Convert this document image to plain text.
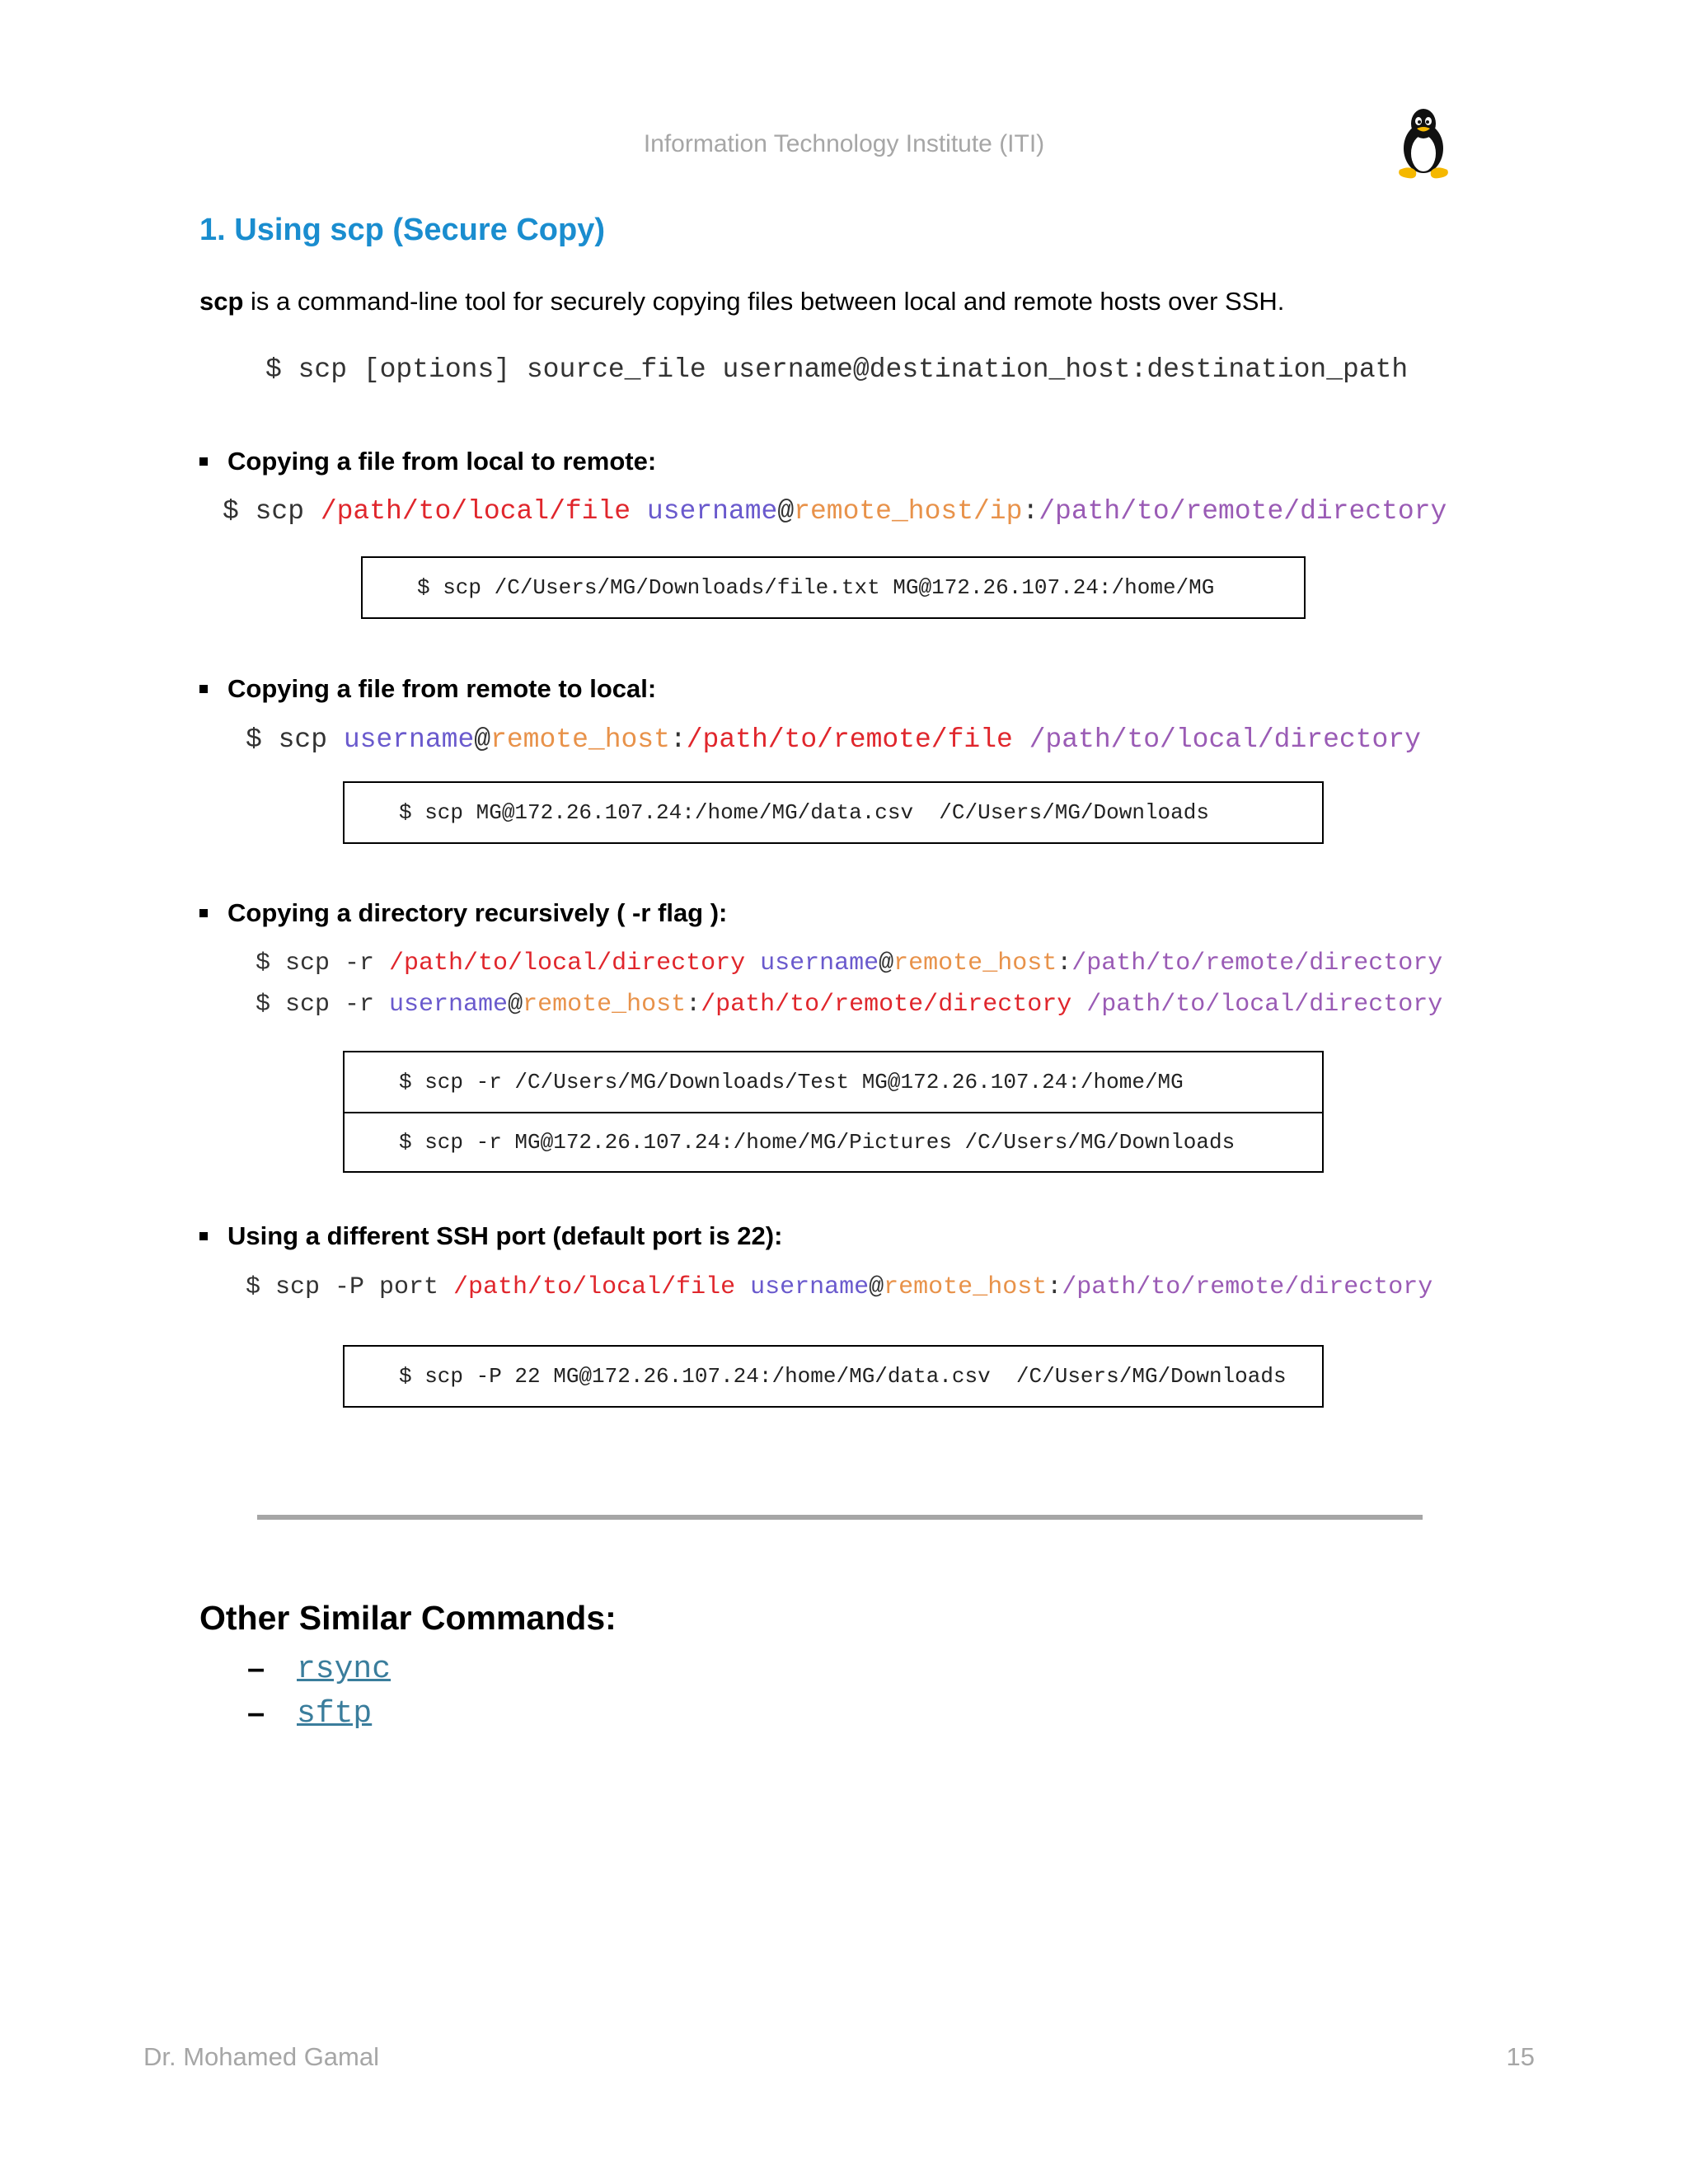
Information Technology Institute (ITI)
1. Using scp (Secure Copy)
scp is a command-line tool for securely copying files between local and remote hosts over SSH.
$ scp [options] source_file username@destination_host:destination_path
Copying a file from local to remote:
$ scp /path/to/local/file username@remote_host/ip:/path/to/remote/directory
$ scp /C/Users/MG/Downloads/file.txt MG@172.26.107.24:/home/MG
Copying a file from remote to local:
$ scp username@remote_host:/path/to/remote/file /path/to/local/directory
$ scp MG@172.26.107.24:/home/MG/data.csv  /C/Users/MG/Downloads
Copying a directory recursively ( -r flag ):
$ scp -r /path/to/local/directory username@remote_host:/path/to/remote/directory
$ scp -r username@remote_host:/path/to/remote/directory /path/to/local/directory
$ scp -r /C/Users/MG/Downloads/Test MG@172.26.107.24:/home/MG
$ scp -r MG@172.26.107.24:/home/MG/Pictures /C/Users/MG/Downloads
Using a different SSH port (default port is 22):
$ scp -P port /path/to/local/file username@remote_host:/path/to/remote/directory
$ scp -P 22 MG@172.26.107.24:/home/MG/data.csv  /C/Users/MG/Downloads
Other Similar Commands:
–	rsync
–	sftp
Dr. Mohamed Gamal	15
